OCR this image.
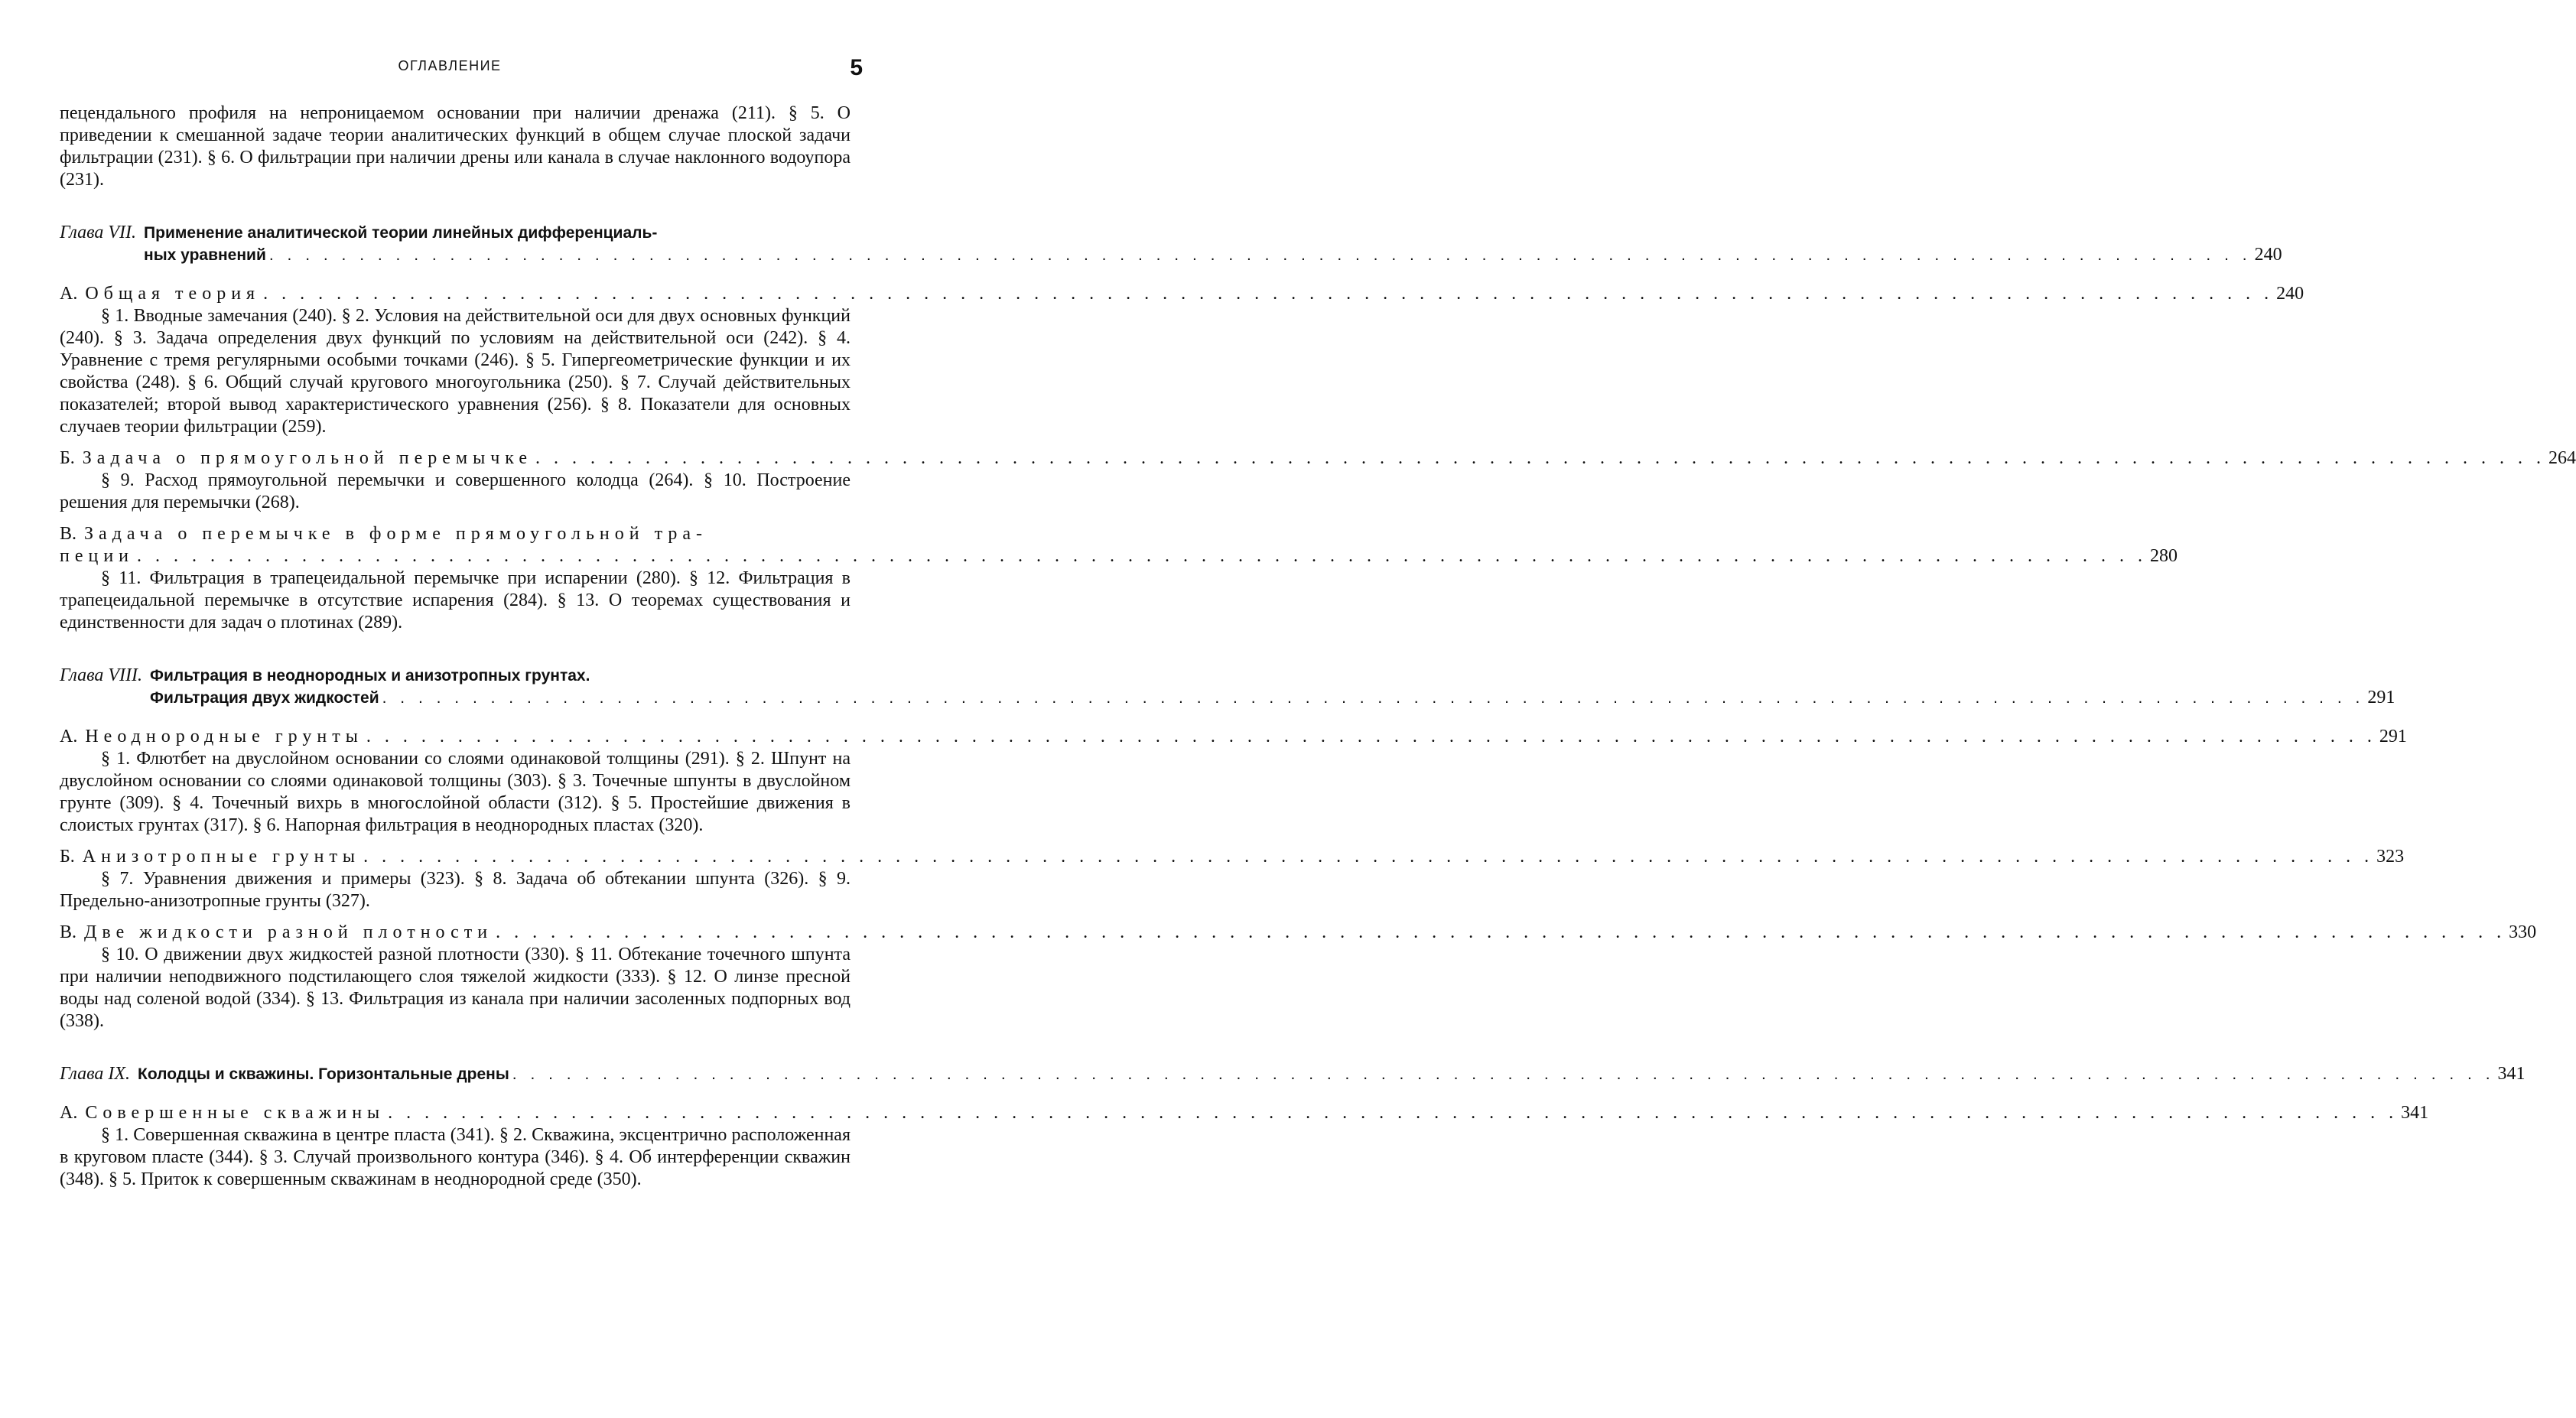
ОГЛАВЛЕНИЕ	5

пецендального профиля на непроницаемом основании при наличии дренажа (211). § 5. О приведении к смешанной задаче теории аналитических функций в общем случае плоской задачи фильтрации (231). § 6. О фильтрации при наличии дрены или канала в случае наклонного водоупора (231).

Глава VII. Применение аналитической теории линейных дифференциаль-
ных уравнений . . .	240
А. Общая теория . . .	240

§ 1. Вводные замечания (240). § 2. Условия на действительной оси для двух основных функций (240). § 3. Задача определения двух функций по условиям на действительной оси (242). § 4. Уравнение с тремя регулярными особыми точками (246). § 5. Гипергеометрические функции и их свойства (248). § 6. Общий случай кругового многоугольника (250). § 7. Случай действительных показателей; второй вывод характеристического уравнения (256). § 8. Показатели для основных случаев теории фильтрации (259).

Б. Задача о прямоугольной перемычке . . .	264

§ 9. Расход прямоугольной перемычки и совершенного колодца (264). § 10. Построение решения для перемычки (268).

В. Задача о перемычке в форме прямоугольной тра-
пеции . . .	280

§ 11. Фильтрация в трапецеидальной перемычке при испарении (280). § 12. Фильтрация в трапецеидальной перемычке в отсутствие испарения (284). § 13. О теоремах существования и единственности для задач о плотинах (289).

Глава VIII. Фильтрация в неоднородных и анизотропных грунтах.
Фильтрация двух жидкостей . . .	291
А. Неоднородные грунты . . .	291

§ 1. Флютбет на двуслойном основании со слоями одинаковой толщины (291). § 2. Шпунт на двуслойном основании со слоями одинаковой толщины (303). § 3. Точечные шпунты в двуслойном грунте (309). § 4. Точечный вихрь в многослойной области (312). § 5. Простейшие движения в слоистых грунтах (317). § 6. Напорная фильтрация в неоднородных пластах (320).

Б. Анизотропные грунты . . .	323

§ 7. Уравнения движения и примеры (323). § 8. Задача об обтекании шпунта (326). § 9. Предельно-анизотропные грунты (327).

В. Две жидкости разной плотности . . .	330

§ 10. О движении двух жидкостей разной плотности (330). § 11. Обтекание точечного шпунта при наличии неподвижного подстилающего слоя тяжелой жидкости (333). § 12. О линзе пресной воды над соленой водой (334). § 13. Фильтрация из канала при наличии засоленных подпорных вод (338).

Глава IX. Колодцы и скважины. Горизонтальные дрены . . .	341
А. Совершенные скважины . . .	341

§ 1. Совершенная скважина в центре пласта (341). § 2. Скважина, эксцентрично расположенная в круговом пласте (344). § 3. Случай произвольного контура (346). § 4. Об интерференции скважин (348). § 5. Приток к совершенным скважинам в неоднородной среде (350).
